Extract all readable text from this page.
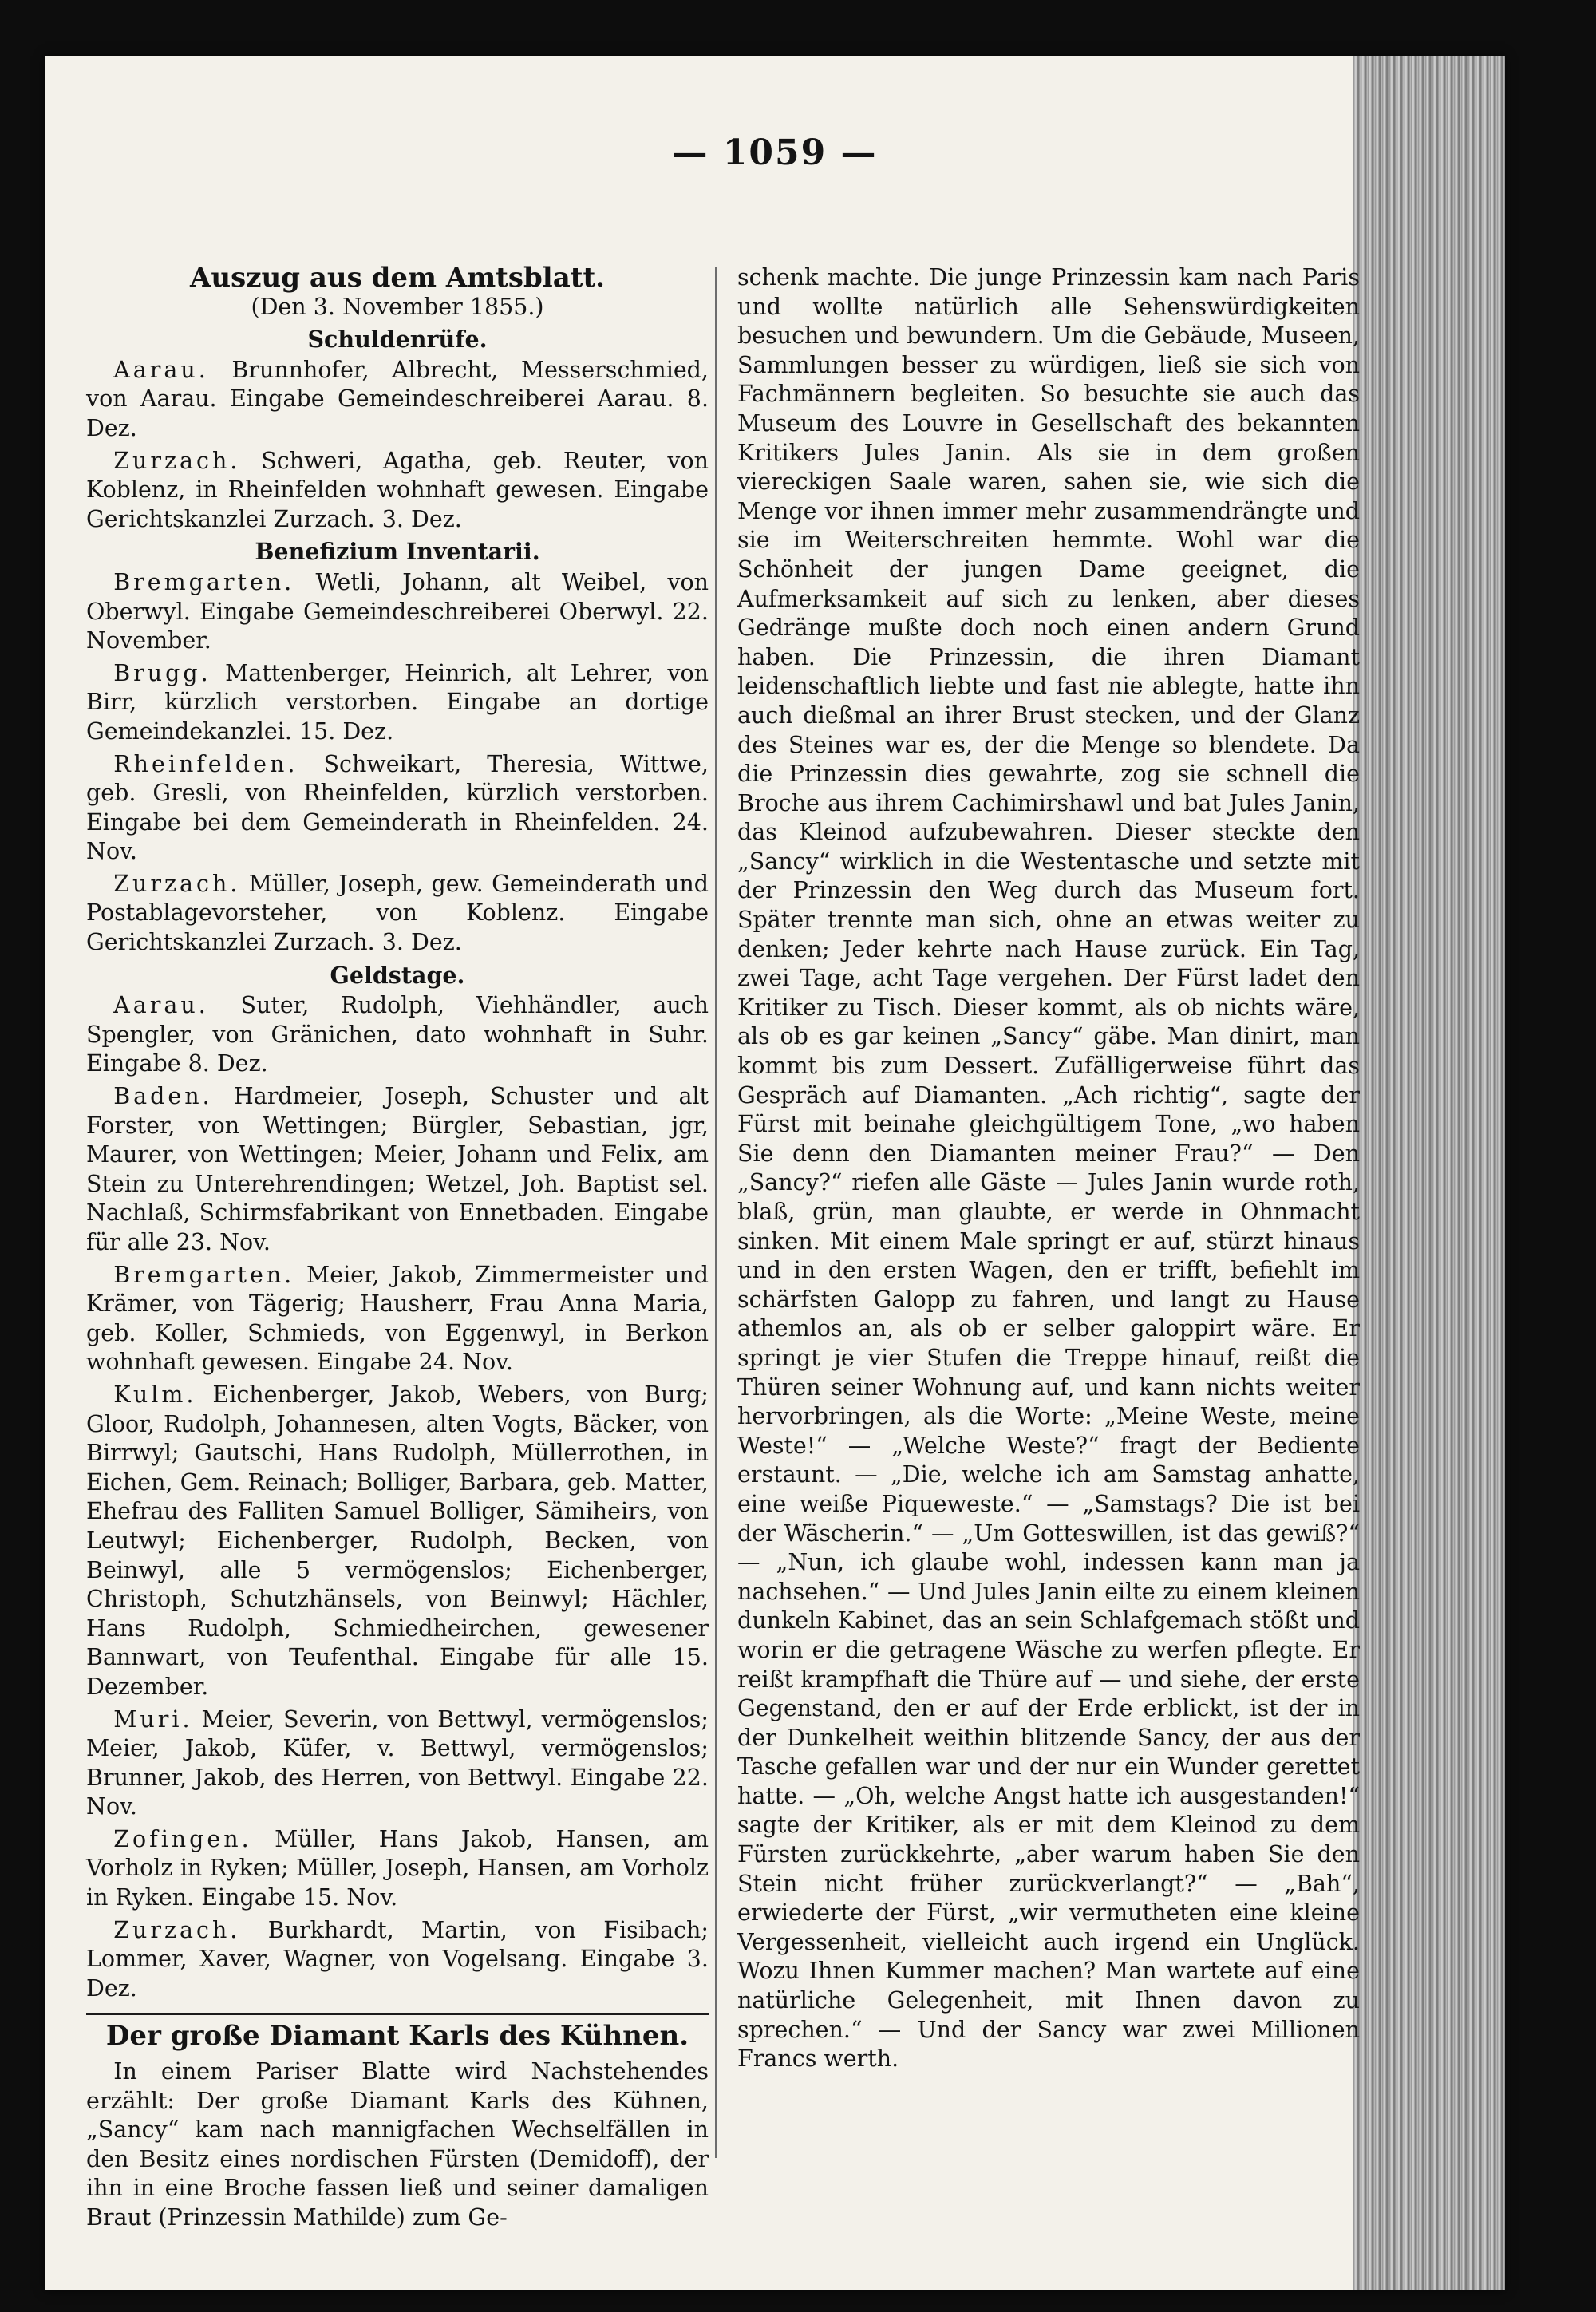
— 1059 —

Auszug aus dem Amtsblatt.

(Den 3. November 1855.)

Schuldenrüfe.

Aarau. Brunnhofer, Albrecht, Messerschmied, von Aarau. Eingabe Gemeindeschreiberei Aarau. 8. Dez.

Zurzach. Schweri, Agatha, geb. Reuter, von Koblenz, in Rheinfelden wohnhaft gewesen. Eingabe Gerichtskanzlei Zurzach. 3. Dez.

Benefizium Inventarii.

Bremgarten. Wetli, Johann, alt Weibel, von Oberwyl. Eingabe Gemeindeschreiberei Oberwyl. 22. November.

Brugg. Mattenberger, Heinrich, alt Lehrer, von Birr, kürzlich verstorben. Eingabe an dortige Gemeindekanzlei. 15. Dez.

Rheinfelden. Schweikart, Theresia, Wittwe, geb. Gresli, von Rheinfelden, kürzlich verstorben. Eingabe bei dem Gemeinderath in Rheinfelden. 24. Nov.

Zurzach. Müller, Joseph, gew. Gemeinderath und Postablagevorsteher, von Koblenz. Eingabe Gerichtskanzlei Zurzach. 3. Dez.

Geldstage.

Aarau. Suter, Rudolph, Viehhändler, auch Spengler, von Gränichen, dato wohnhaft in Suhr. Eingabe 8. Dez.

Baden. Hardmeier, Joseph, Schuster und alt Forster, von Wettingen; Bürgler, Sebastian, jgr, Maurer, von Wettingen; Meier, Johann und Felix, am Stein zu Unterehrendingen; Wetzel, Joh. Baptist sel. Nachlaß, Schirmsfabrikant von Ennetbaden. Eingabe für alle 23. Nov.

Bremgarten. Meier, Jakob, Zimmermeister und Krämer, von Tägerig; Hausherr, Frau Anna Maria, geb. Koller, Schmieds, von Eggenwyl, in Berkon wohnhaft gewesen. Eingabe 24. Nov.

Kulm. Eichenberger, Jakob, Webers, von Burg; Gloor, Rudolph, Johannesen, alten Vogts, Bäcker, von Birrwyl; Gautschi, Hans Rudolph, Müllerrothen, in Eichen, Gem. Reinach; Bolliger, Barbara, geb. Matter, Ehefrau des Falliten Samuel Bolliger, Sämiheirs, von Leutwyl; Eichenberger, Rudolph, Becken, von Beinwyl, alle 5 vermögenslos; Eichenberger, Christoph, Schutzhänsels, von Beinwyl; Hächler, Hans Rudolph, Schmiedheirchen, gewesener Bannwart, von Teufenthal. Eingabe für alle 15. Dezember.

Muri. Meier, Severin, von Bettwyl, vermögenslos; Meier, Jakob, Küfer, v. Bettwyl, vermögenslos; Brunner, Jakob, des Herren, von Bettwyl. Eingabe 22. Nov.

Zofingen. Müller, Hans Jakob, Hansen, am Vorholz in Ryken; Müller, Joseph, Hansen, am Vorholz in Ryken. Eingabe 15. Nov.

Zurzach. Burkhardt, Martin, von Fisibach; Lommer, Xaver, Wagner, von Vogelsang. Eingabe 3. Dez.

Der große Diamant Karls des Kühnen.

In einem Pariser Blatte wird Nachstehendes erzählt: Der große Diamant Karls des Kühnen, „Sancy“ kam nach mannigfachen Wechselfällen in den Besitz eines nordischen Fürsten (Demidoff), der ihn in eine Broche fassen ließ und seiner damaligen Braut (Prinzessin Mathilde) zum Ge-

schenk machte. Die junge Prinzessin kam nach Paris und wollte natürlich alle Sehenswürdigkeiten besuchen und bewundern. Um die Gebäude, Museen, Sammlungen besser zu würdigen, ließ sie sich von Fachmännern begleiten. So besuchte sie auch das Museum des Louvre in Gesellschaft des bekannten Kritikers Jules Janin. Als sie in dem großen viereckigen Saale waren, sahen sie, wie sich die Menge vor ihnen immer mehr zusammendrängte und sie im Weiterschreiten hemmte. Wohl war die Schönheit der jungen Dame geeignet, die Aufmerksamkeit auf sich zu lenken, aber dieses Gedränge mußte doch noch einen andern Grund haben. Die Prinzessin, die ihren Diamant leidenschaftlich liebte und fast nie ablegte, hatte ihn auch dießmal an ihrer Brust stecken, und der Glanz des Steines war es, der die Menge so blendete. Da die Prinzessin dies gewahrte, zog sie schnell die Broche aus ihrem Cachimirshawl und bat Jules Janin, das Kleinod aufzubewahren. Dieser steckte den „Sancy“ wirklich in die Westentasche und setzte mit der Prinzessin den Weg durch das Museum fort. Später trennte man sich, ohne an etwas weiter zu denken; Jeder kehrte nach Hause zurück. Ein Tag, zwei Tage, acht Tage vergehen. Der Fürst ladet den Kritiker zu Tisch. Dieser kommt, als ob nichts wäre, als ob es gar keinen „Sancy“ gäbe. Man dinirt, man kommt bis zum Dessert. Zufälligerweise führt das Gespräch auf Diamanten. „Ach richtig“, sagte der Fürst mit beinahe gleichgültigem Tone, „wo haben Sie denn den Diamanten meiner Frau?“ — Den „Sancy?“ riefen alle Gäste — Jules Janin wurde roth, blaß, grün, man glaubte, er werde in Ohnmacht sinken. Mit einem Male springt er auf, stürzt hinaus und in den ersten Wagen, den er trifft, befiehlt im schärfsten Galopp zu fahren, und langt zu Hause athemlos an, als ob er selber galoppirt wäre. Er springt je vier Stufen die Treppe hinauf, reißt die Thüren seiner Wohnung auf, und kann nichts weiter hervorbringen, als die Worte: „Meine Weste, meine Weste!“ — „Welche Weste?“ fragt der Bediente erstaunt. — „Die, welche ich am Samstag anhatte, eine weiße Piqueweste.“ — „Samstags? Die ist bei der Wäscherin.“ — „Um Gotteswillen, ist das gewiß?“ — „Nun, ich glaube wohl, indessen kann man ja nachsehen.“ — Und Jules Janin eilte zu einem kleinen dunkeln Kabinet, das an sein Schlafgemach stößt und worin er die getragene Wäsche zu werfen pflegte. Er reißt krampfhaft die Thüre auf — und siehe, der erste Gegenstand, den er auf der Erde erblickt, ist der in der Dunkelheit weithin blitzende Sancy, der aus der Tasche gefallen war und der nur ein Wunder gerettet hatte. — „Oh, welche Angst hatte ich ausgestanden!“ sagte der Kritiker, als er mit dem Kleinod zu dem Fürsten zurückkehrte, „aber warum haben Sie den Stein nicht früher zurückverlangt?“ — „Bah“, erwiederte der Fürst, „wir vermutheten eine kleine Vergessenheit, vielleicht auch irgend ein Unglück. Wozu Ihnen Kummer machen? Man wartete auf eine natürliche Gelegenheit, mit Ihnen davon zu sprechen.“ — Und der Sancy war zwei Millionen Francs werth.
